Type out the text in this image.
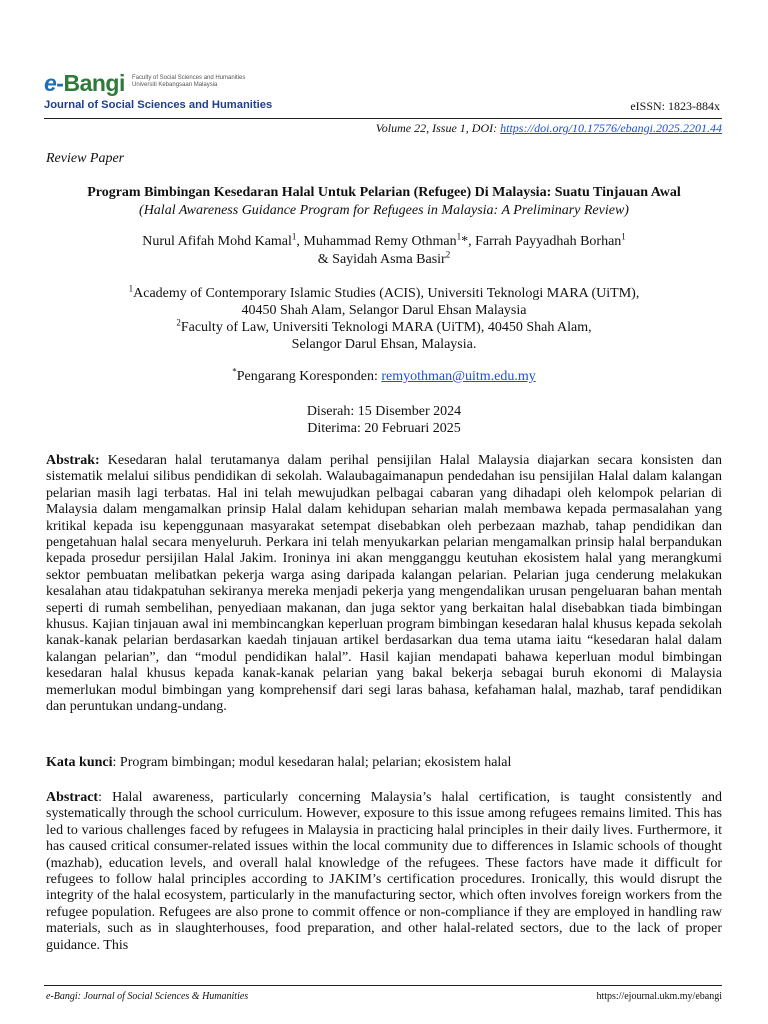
e-Bangi Faculty of Social Sciences and Humanities
Universiti Kebangsaan Malaysia
Journal of Social Sciences and Humanities	eISSN: 1823-884x
Volume 22, Issue 1, DOI: https://doi.org/10.17576/ebangi.2025.2201.44
Review Paper
Program Bimbingan Kesedaran Halal Untuk Pelarian (Refugee) Di Malaysia: Suatu Tinjauan Awal
(Halal Awareness Guidance Program for Refugees in Malaysia: A Preliminary Review)
Nurul Afifah Mohd Kamal$^1$, Muhammad Remy Othman$^1$*, Farrah Payyadhah Borhan$^1$
& Sayidah Asma Basir$^2$
$^1$Academy of Contemporary Islamic Studies (ACIS), Universiti Teknologi MARA (UiTM),
40450 Shah Alam, Selangor Darul Ehsan Malaysia
$^2$Faculty of Law, Universiti Teknologi MARA (UiTM), 40450 Shah Alam,
Selangor Darul Ehsan, Malaysia.
*Pengarang Koresponden: remyothman@uitm.edu.my
Diserah: 15 Disember 2024
Diterima: 20 Februari 2025
Abstrak: Kesedaran halal terutamanya dalam perihal pensijilan Halal Malaysia diajarkan secara konsisten dan sistematik melalui silibus pendidikan di sekolah. Walaubagaimanapun pendedahan isu pensijilan Halal dalam kalangan pelarian masih lagi terbatas. Hal ini telah mewujudkan pelbagai cabaran yang dihadapi oleh kelompok pelarian di Malaysia dalam mengamalkan prinsip Halal dalam kehidupan seharian malah membawa kepada permasalahan yang kritikal kepada isu kepenggunaan masyarakat setempat disebabkan oleh perbezaan mazhab, tahap pendidikan dan pengetahuan halal secara menyeluruh. Perkara ini telah menyukarkan pelarian mengamalkan prinsip halal berpandukan kepada prosedur persijilan Halal Jakim. Ironinya ini akan mengganggu keutuhan ekosistem halal yang merangkumi sektor pembuatan melibatkan pekerja warga asing daripada kalangan pelarian. Pelarian juga cenderung melakukan kesalahan atau tidakpatuhan sekiranya mereka menjadi pekerja yang mengendalikan urusan pengeluaran bahan mentah seperti di rumah sembelihan, penyediaan makanan, dan juga sektor yang berkaitan halal disebabkan tiada bimbingan khusus. Kajian tinjauan awal ini membincangkan keperluan program bimbingan kesedaran halal khusus kepada sekolah kanak-kanak pelarian berdasarkan kaedah tinjauan artikel berdasarkan dua tema utama iaitu “kesedaran halal dalam kalangan pelarian”, dan “modul pendidikan halal”. Hasil kajian mendapati bahawa keperluan modul bimbingan kesedaran halal khusus kepada kanak-kanak pelarian yang bakal bekerja sebagai buruh ekonomi di Malaysia memerlukan modul bimbingan yang komprehensif dari segi laras bahasa, kefahaman halal, mazhab, taraf pendidikan dan peruntukan undang-undang.
Kata kunci: Program bimbingan; modul kesedaran halal; pelarian; ekosistem halal
Abstract: Halal awareness, particularly concerning Malaysia’s halal certification, is taught consistently and systematically through the school curriculum. However, exposure to this issue among refugees remains limited. This has led to various challenges faced by refugees in Malaysia in practicing halal principles in their daily lives. Furthermore, it has caused critical consumer-related issues within the local community due to differences in Islamic schools of thought (mazhab), education levels, and overall halal knowledge of the refugees. These factors have made it difficult for refugees to follow halal principles according to JAKIM’s certification procedures. Ironically, this would disrupt the integrity of the halal ecosystem, particularly in the manufacturing sector, which often involves foreign workers from the refugee population. Refugees are also prone to commit offence or non-compliance if they are employed in handling raw materials, such as in slaughterhouses, food preparation, and other halal-related sectors, due to the lack of proper guidance. This
e-Bangi: Journal of Social Sciences & Humanities	https://ejournal.ukm.my/ebangi
